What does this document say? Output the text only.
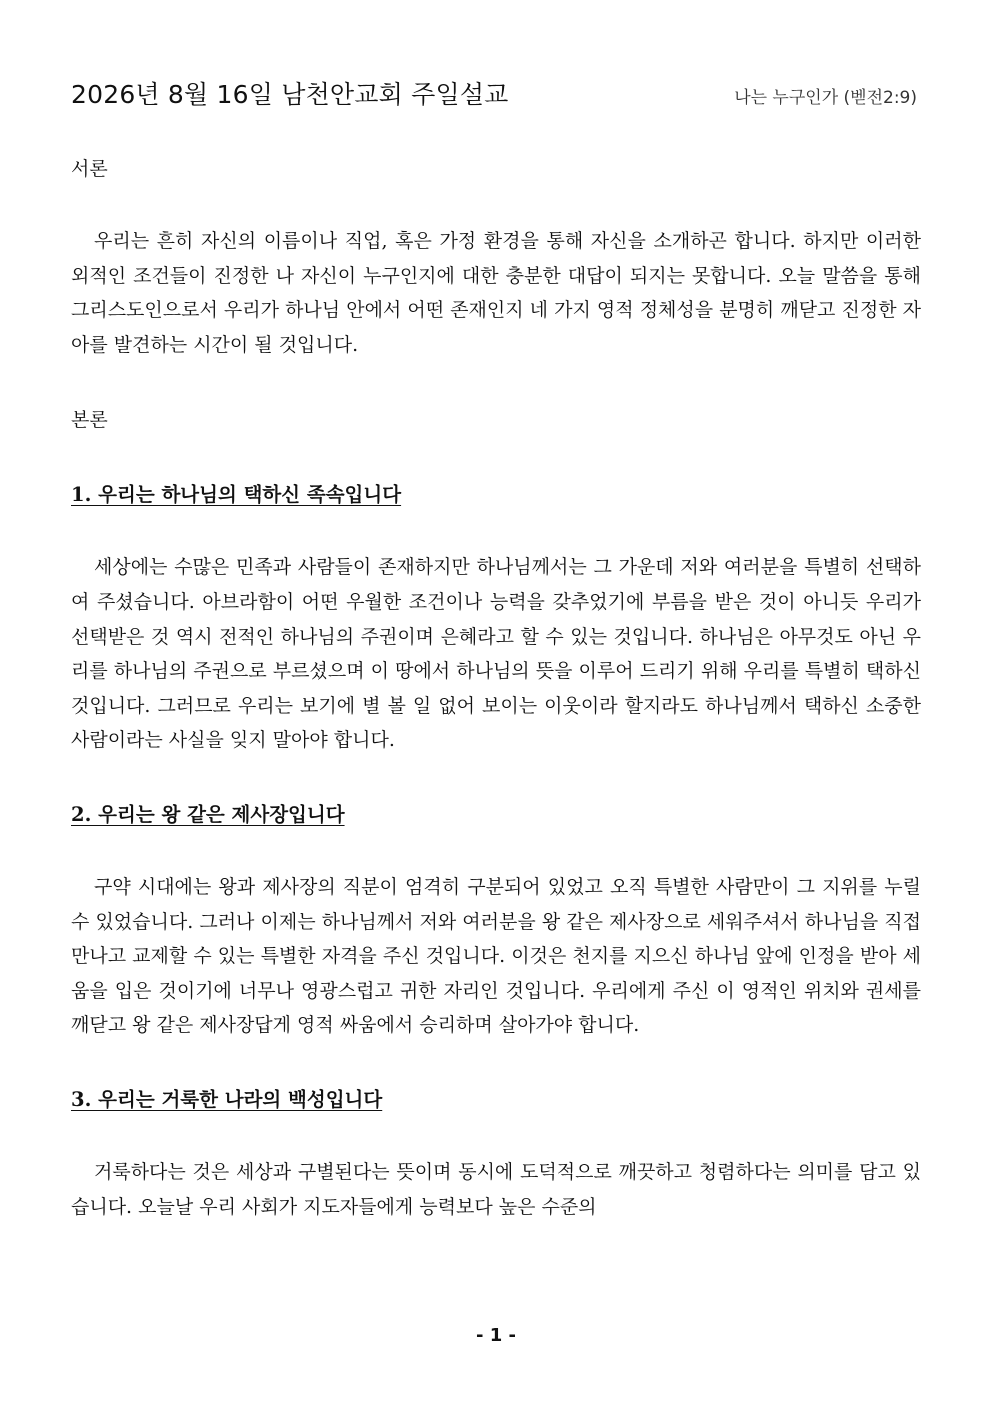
2026년 8월 16일 남천안교회 주일설교	나는 누구인가 (벧전2:9)
서론

우리는 흔히 자신의 이름이나 직업, 혹은 가정 환경을 통해 자신을 소개하곤 합니다. 하지만 이러한 외적인 조건들이 진정한 나 자신이 누구인지에 대한 충분한 대답이 되지는 못합니다. 오늘 말씀을 통해 그리스도인으로서 우리가 하나님 안에서 어떤 존재인지 네 가지 영적 정체성을 분명히 깨닫고 진정한 자아를 발견하는 시간이 될 것입니다.

본론
1. 우리는 하나님의 택하신 족속입니다

세상에는 수많은 민족과 사람들이 존재하지만 하나님께서는 그 가운데 저와 여러분을 특별히 선택하여 주셨습니다. 아브라함이 어떤 우월한 조건이나 능력을 갖추었기에 부름을 받은 것이 아니듯 우리가 선택받은 것 역시 전적인 하나님의 주권이며 은혜라고 할 수 있는 것입니다. 하나님은 아무것도 아닌 우리를 하나님의 주권으로 부르셨으며 이 땅에서 하나님의 뜻을 이루어 드리기 위해 우리를 특별히 택하신 것입니다. 그러므로 우리는 보기에 별 볼 일 없어 보이는 이웃이라 할지라도 하나님께서 택하신 소중한 사람이라는 사실을 잊지 말아야 합니다.

2. 우리는 왕 같은 제사장입니다

구약 시대에는 왕과 제사장의 직분이 엄격히 구분되어 있었고 오직 특별한 사람만이 그 지위를 누릴 수 있었습니다. 그러나 이제는 하나님께서 저와 여러분을 왕 같은 제사장으로 세워주셔서 하나님을 직접 만나고 교제할 수 있는 특별한 자격을 주신 것입니다. 이것은 천지를 지으신 하나님 앞에 인정을 받아 세움을 입은 것이기에 너무나 영광스럽고 귀한 자리인 것입니다. 우리에게 주신 이 영적인 위치와 권세를 깨닫고 왕 같은 제사장답게 영적 싸움에서 승리하며 살아가야 합니다.

3. 우리는 거룩한 나라의 백성입니다

거룩하다는 것은 세상과 구별된다는 뜻이며 동시에 도덕적으로 깨끗하고 청렴하다는 의미를 담고 있습니다. 오늘날 우리 사회가 지도자들에게 능력보다 높은 수준의

- 1 -
